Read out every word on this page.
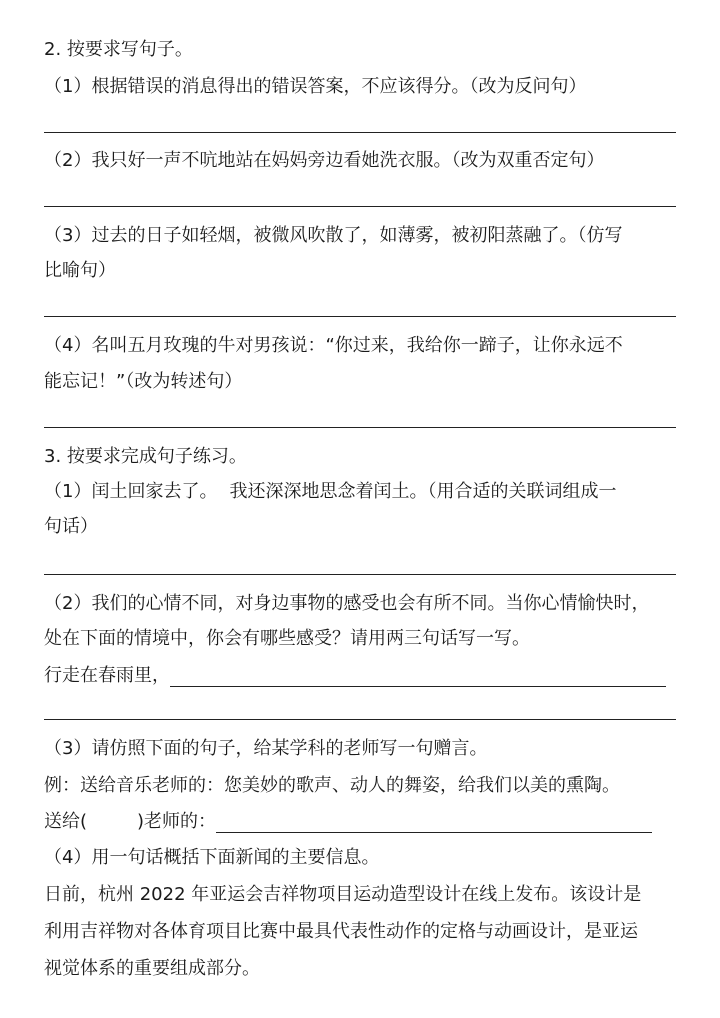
2. 按要求写句子。
（1）根据错误的消息得出的错误答案，不应该得分。（改为反问句）
（2）我只好一声不吭地站在妈妈旁边看她洗衣服。（改为双重否定句）
（3）过去的日子如轻烟，被微风吹散了，如薄雾，被初阳蒸融了。（仿写
比喻句）
（4）名叫五月玫瑰的牛对男孩说：“你过来，我给你一蹄子，让你永远不
能忘记！”（改为转述句）
3. 按要求完成句子练习。
（1）闰土回家去了。 我还深深地思念着闰土。（用合适的关联词组成一
句话）
（2）我们的心情不同，对身边事物的感受也会有所不同。当你心情愉快时，
处在下面的情境中，你会有哪些感受？请用两三句话写一写。
行走在春雨里，
（3）请仿照下面的句子，给某学科的老师写一句赠言。
例：送给音乐老师的：您美妙的歌声、动人的舞姿，给我们以美的熏陶。
送给(	)老师的：
（4）用一句话概括下面新闻的主要信息。
日前，杭州 2022 年亚运会吉祥物项目运动造型设计在线上发布。该设计是
利用吉祥物对各体育项目比赛中最具代表性动作的定格与动画设计，是亚运
视觉体系的重要组成部分。
